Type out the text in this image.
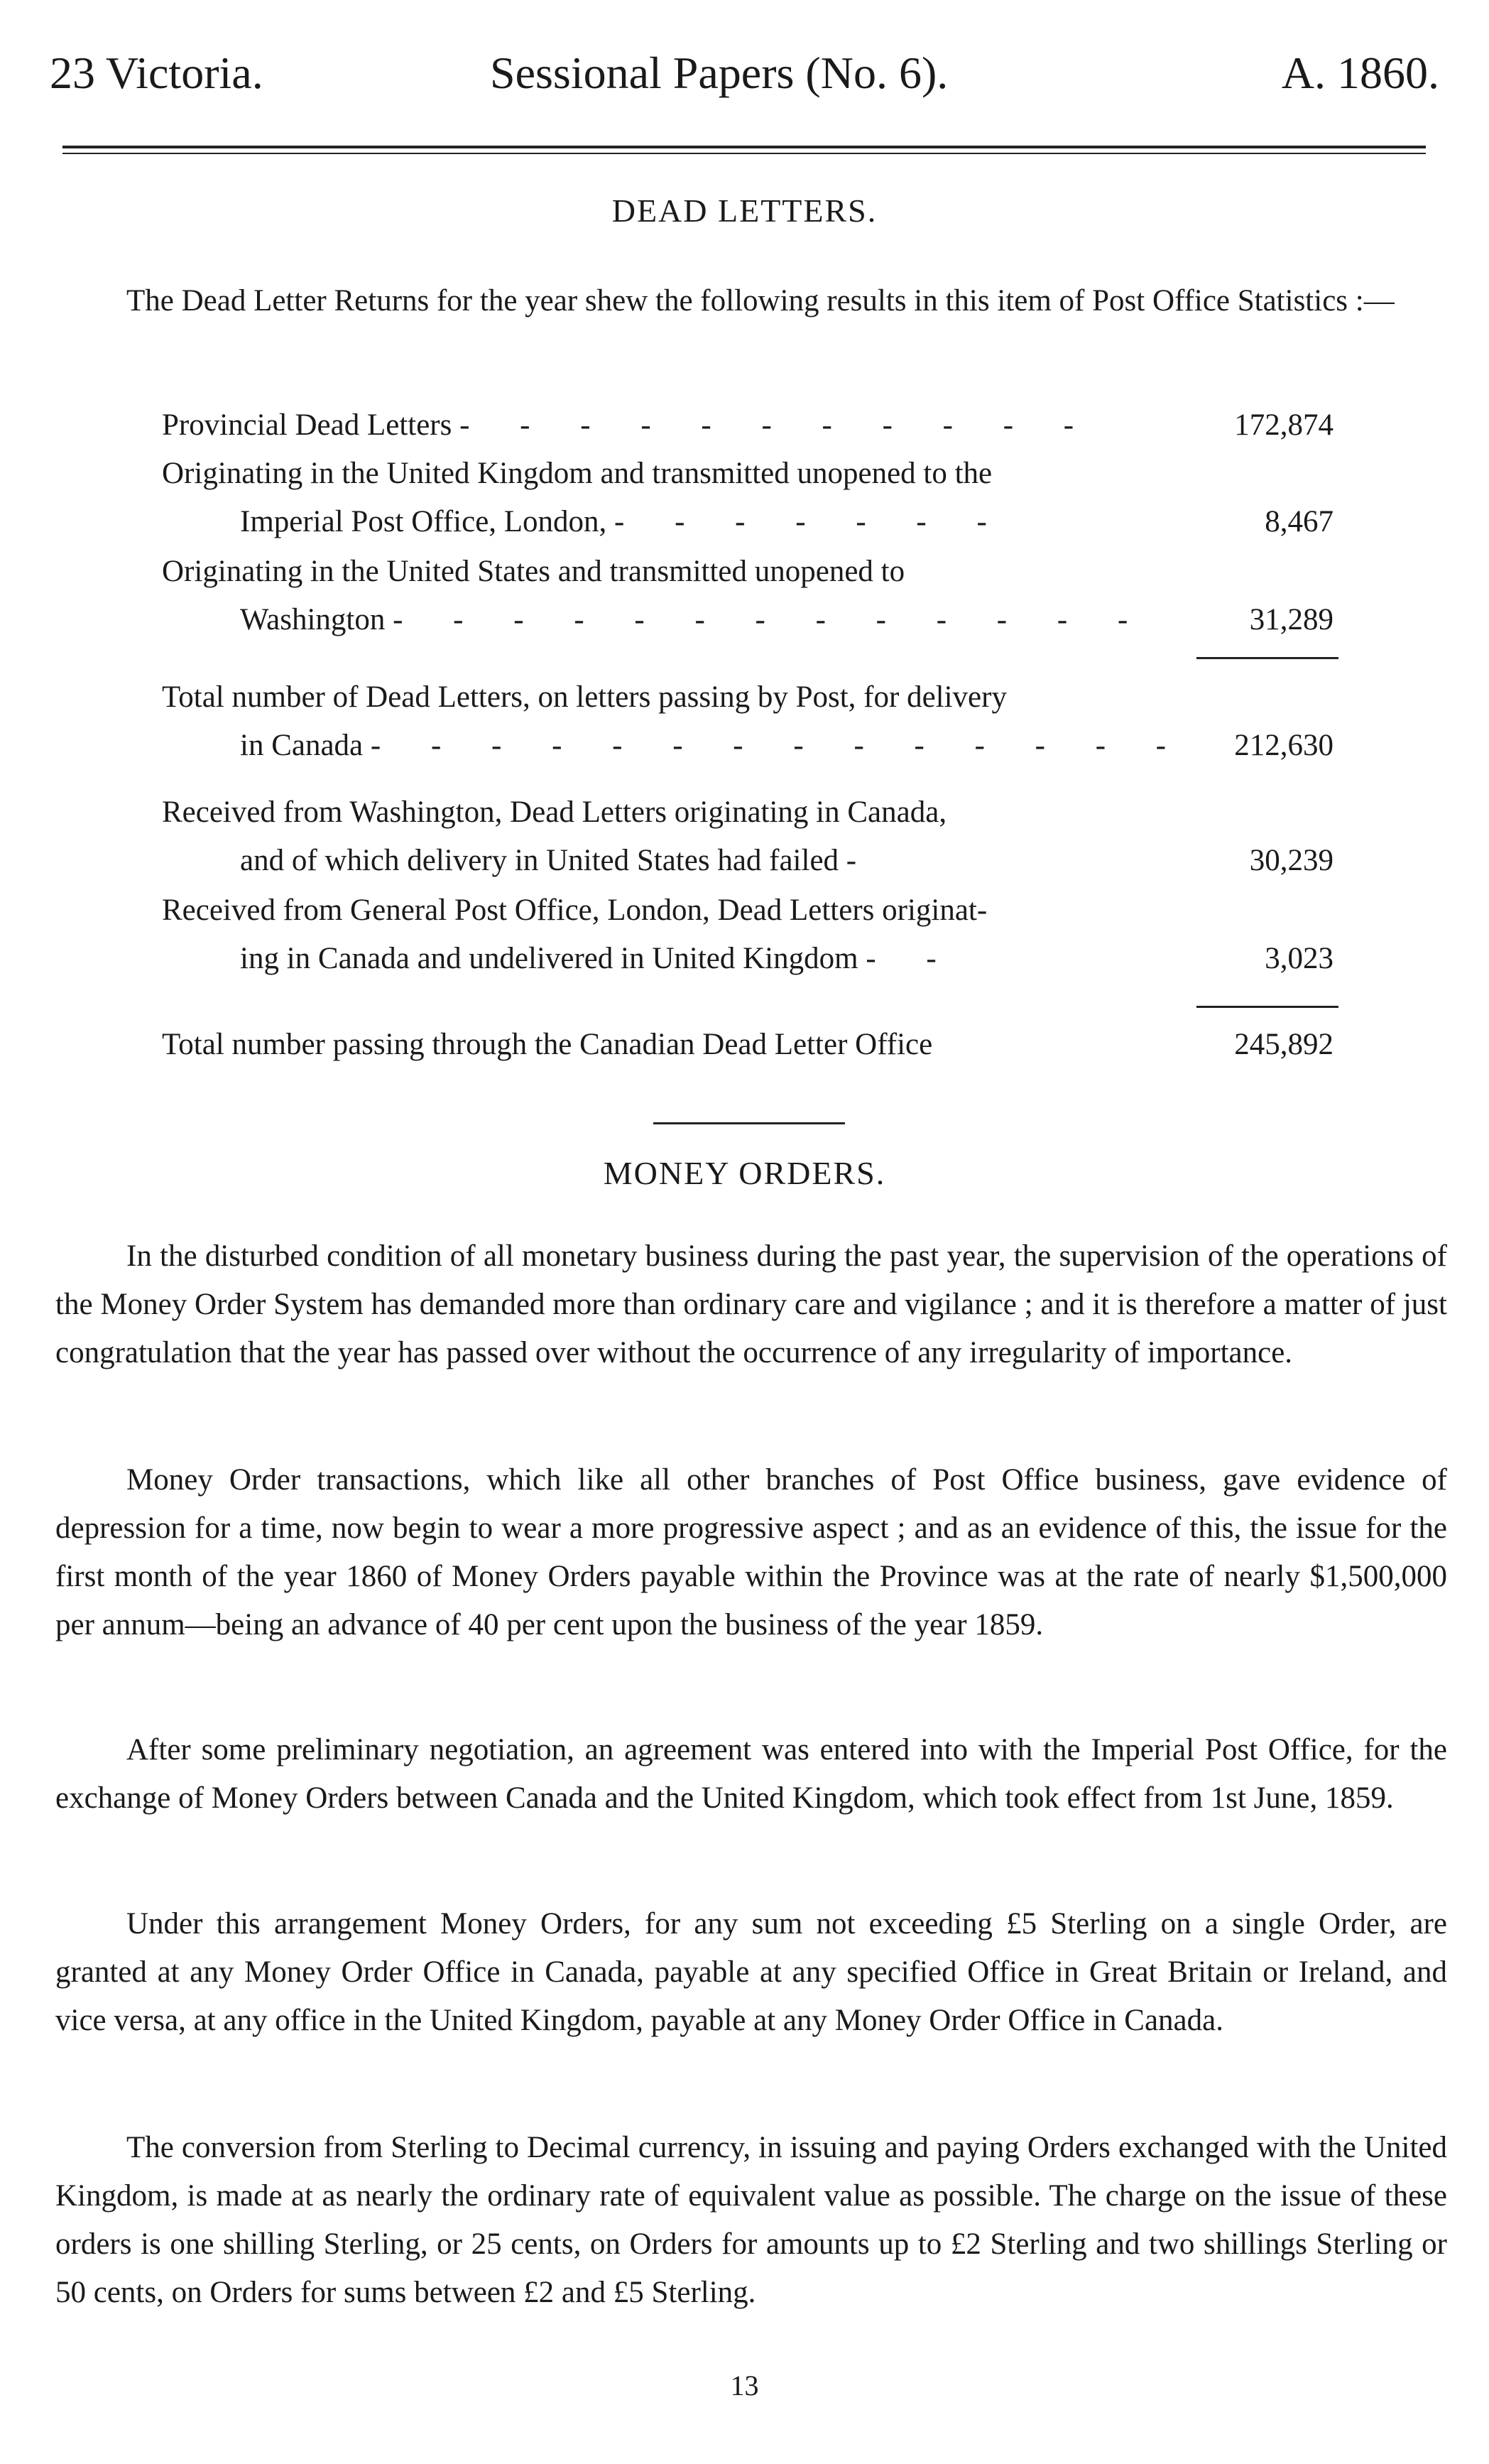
23 Victoria.	Sessional Papers (No. 6).	A. 1860.
DEAD LETTERS.

The Dead Letter Returns for the year shew the following results in this item of Post Office Statistics :—

Provincial Dead Letters - - - - - - - - - - -	172,874
Originating in the United Kingdom and transmitted unopened to the
Imperial Post Office, London, - - - - - - -	8,467
Originating in the United States and transmitted unopened to
Washington - - - - - - - - - - - - -	31,289
Total number of Dead Letters, on letters passing by Post, for delivery
in Canada - - - - - - - - - - - - - -	212,630
Received from Washington, Dead Letters originating in Canada,
and of which delivery in United States had failed -	30,239
Received from General Post Office, London, Dead Letters originat-
ing in Canada and undelivered in United Kingdom - -	3,023
Total number passing through the Canadian Dead Letter Office	245,892
MONEY ORDERS.

In the disturbed condition of all monetary business during the past year, the supervision of the operations of the Money Order System has demanded more than ordinary care and vigilance ; and it is therefore a matter of just congratulation that the year has passed over without the occurrence of any irregularity of importance.

Money Order transactions, which like all other branches of Post Office business, gave evidence of depression for a time, now begin to wear a more progressive aspect ; and as an evidence of this, the issue for the first month of the year 1860 of Money Orders payable within the Province was at the rate of nearly $1,500,000 per annum—being an advance of 40 per cent upon the business of the year 1859.

After some preliminary negotiation, an agreement was entered into with the Imperial Post Office, for the exchange of Money Orders between Canada and the United Kingdom, which took effect from 1st June, 1859.

Under this arrangement Money Orders, for any sum not exceeding £5 Sterling on a single Order, are granted at any Money Order Office in Canada, payable at any specified Office in Great Britain or Ireland, and vice versa, at any office in the United Kingdom, payable at any Money Order Office in Canada.

The conversion from Sterling to Decimal currency, in issuing and paying Orders exchanged with the United Kingdom, is made at as nearly the ordinary rate of equivalent value as possible. The charge on the issue of these orders is one shilling Sterling, or 25 cents, on Orders for amounts up to £2 Sterling and two shillings Sterling or 50 cents, on Orders for sums between £2 and £5 Sterling.

13
